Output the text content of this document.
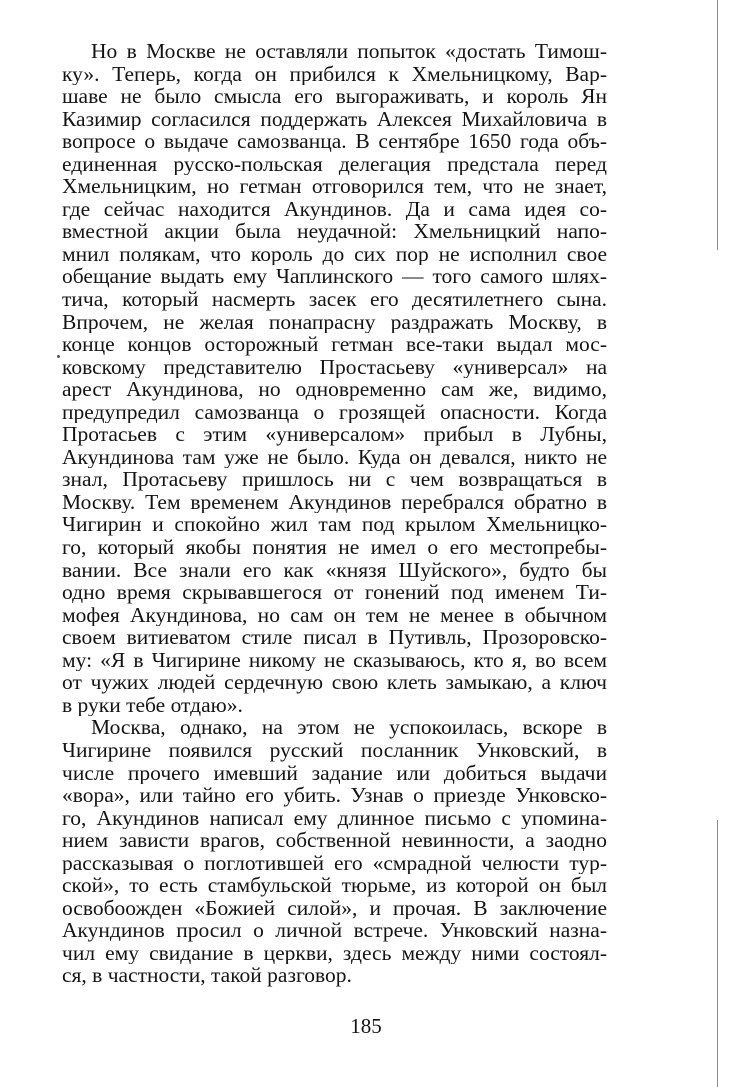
Но в Москве не оставляли попыток «достать Тимош-
ку». Теперь, когда он прибился к Хмельницкому, Вар-
шаве не было смысла его выгораживать, и король Ян
Казимир согласился поддержать Алексея Михайловича в
вопросе о выдаче самозванца. В сентябре 1650 года объ-
единенная русско-польская делегация предстала перед
Хмельницким, но гетман отговорился тем, что не знает,
где сейчас находится Акундинов. Да и сама идея со-
вместной акции была неудачной: Хмельницкий напо-
мнил полякам, что король до сих пор не исполнил свое
обещание выдать ему Чаплинского — того самого шлях-
тича, который насмерть засек его десятилетнего сына.
Впрочем, не желая понапрасну раздражать Москву, в
конце концов осторожный гетман все-таки выдал мос-
ковскому представителю Простасьеву «универсал» на
арест Акундинова, но одновременно сам же, видимо,
предупредил самозванца о грозящей опасности. Когда
Протасьев с этим «универсалом» прибыл в Лубны,
Акундинова там уже не было. Куда он девался, никто не
знал, Протасьеву пришлось ни с чем возвращаться в
Москву. Тем временем Акундинов перебрался обратно в
Чигирин и спокойно жил там под крылом Хмельницко-
го, который якобы понятия не имел о его местопребы-
вании. Все знали его как «князя Шуйского», будто бы
одно время скрывавшегося от гонений под именем Ти-
мофея Акундинова, но сам он тем не менее в обычном
своем витиеватом стиле писал в Путивль, Прозоровско-
му: «Я в Чигирине никому не сказываюсь, кто я, во всем
от чужих людей сердечную свою клеть замыкаю, а ключ
в руки тебе отдаю».
Москва, однако, на этом не успокоилась, вскоре в
Чигирине появился русский посланник Унковский, в
числе прочего имевший задание или добиться выдачи
«вора», или тайно его убить. Узнав о приезде Унковско-
го, Акундинов написал ему длинное письмо с упомина-
нием зависти врагов, собственной невинности, а заодно
рассказывая о поглотившей его «смрадной челюсти тур-
ской», то есть стамбульской тюрьме, из которой он был
освобоожден «Божией силой», и прочая. В заключение
Акундинов просил о личной встрече. Унковский назна-
чил ему свидание в церкви, здесь между ними состоял-
ся, в частности, такой разговор.
185
